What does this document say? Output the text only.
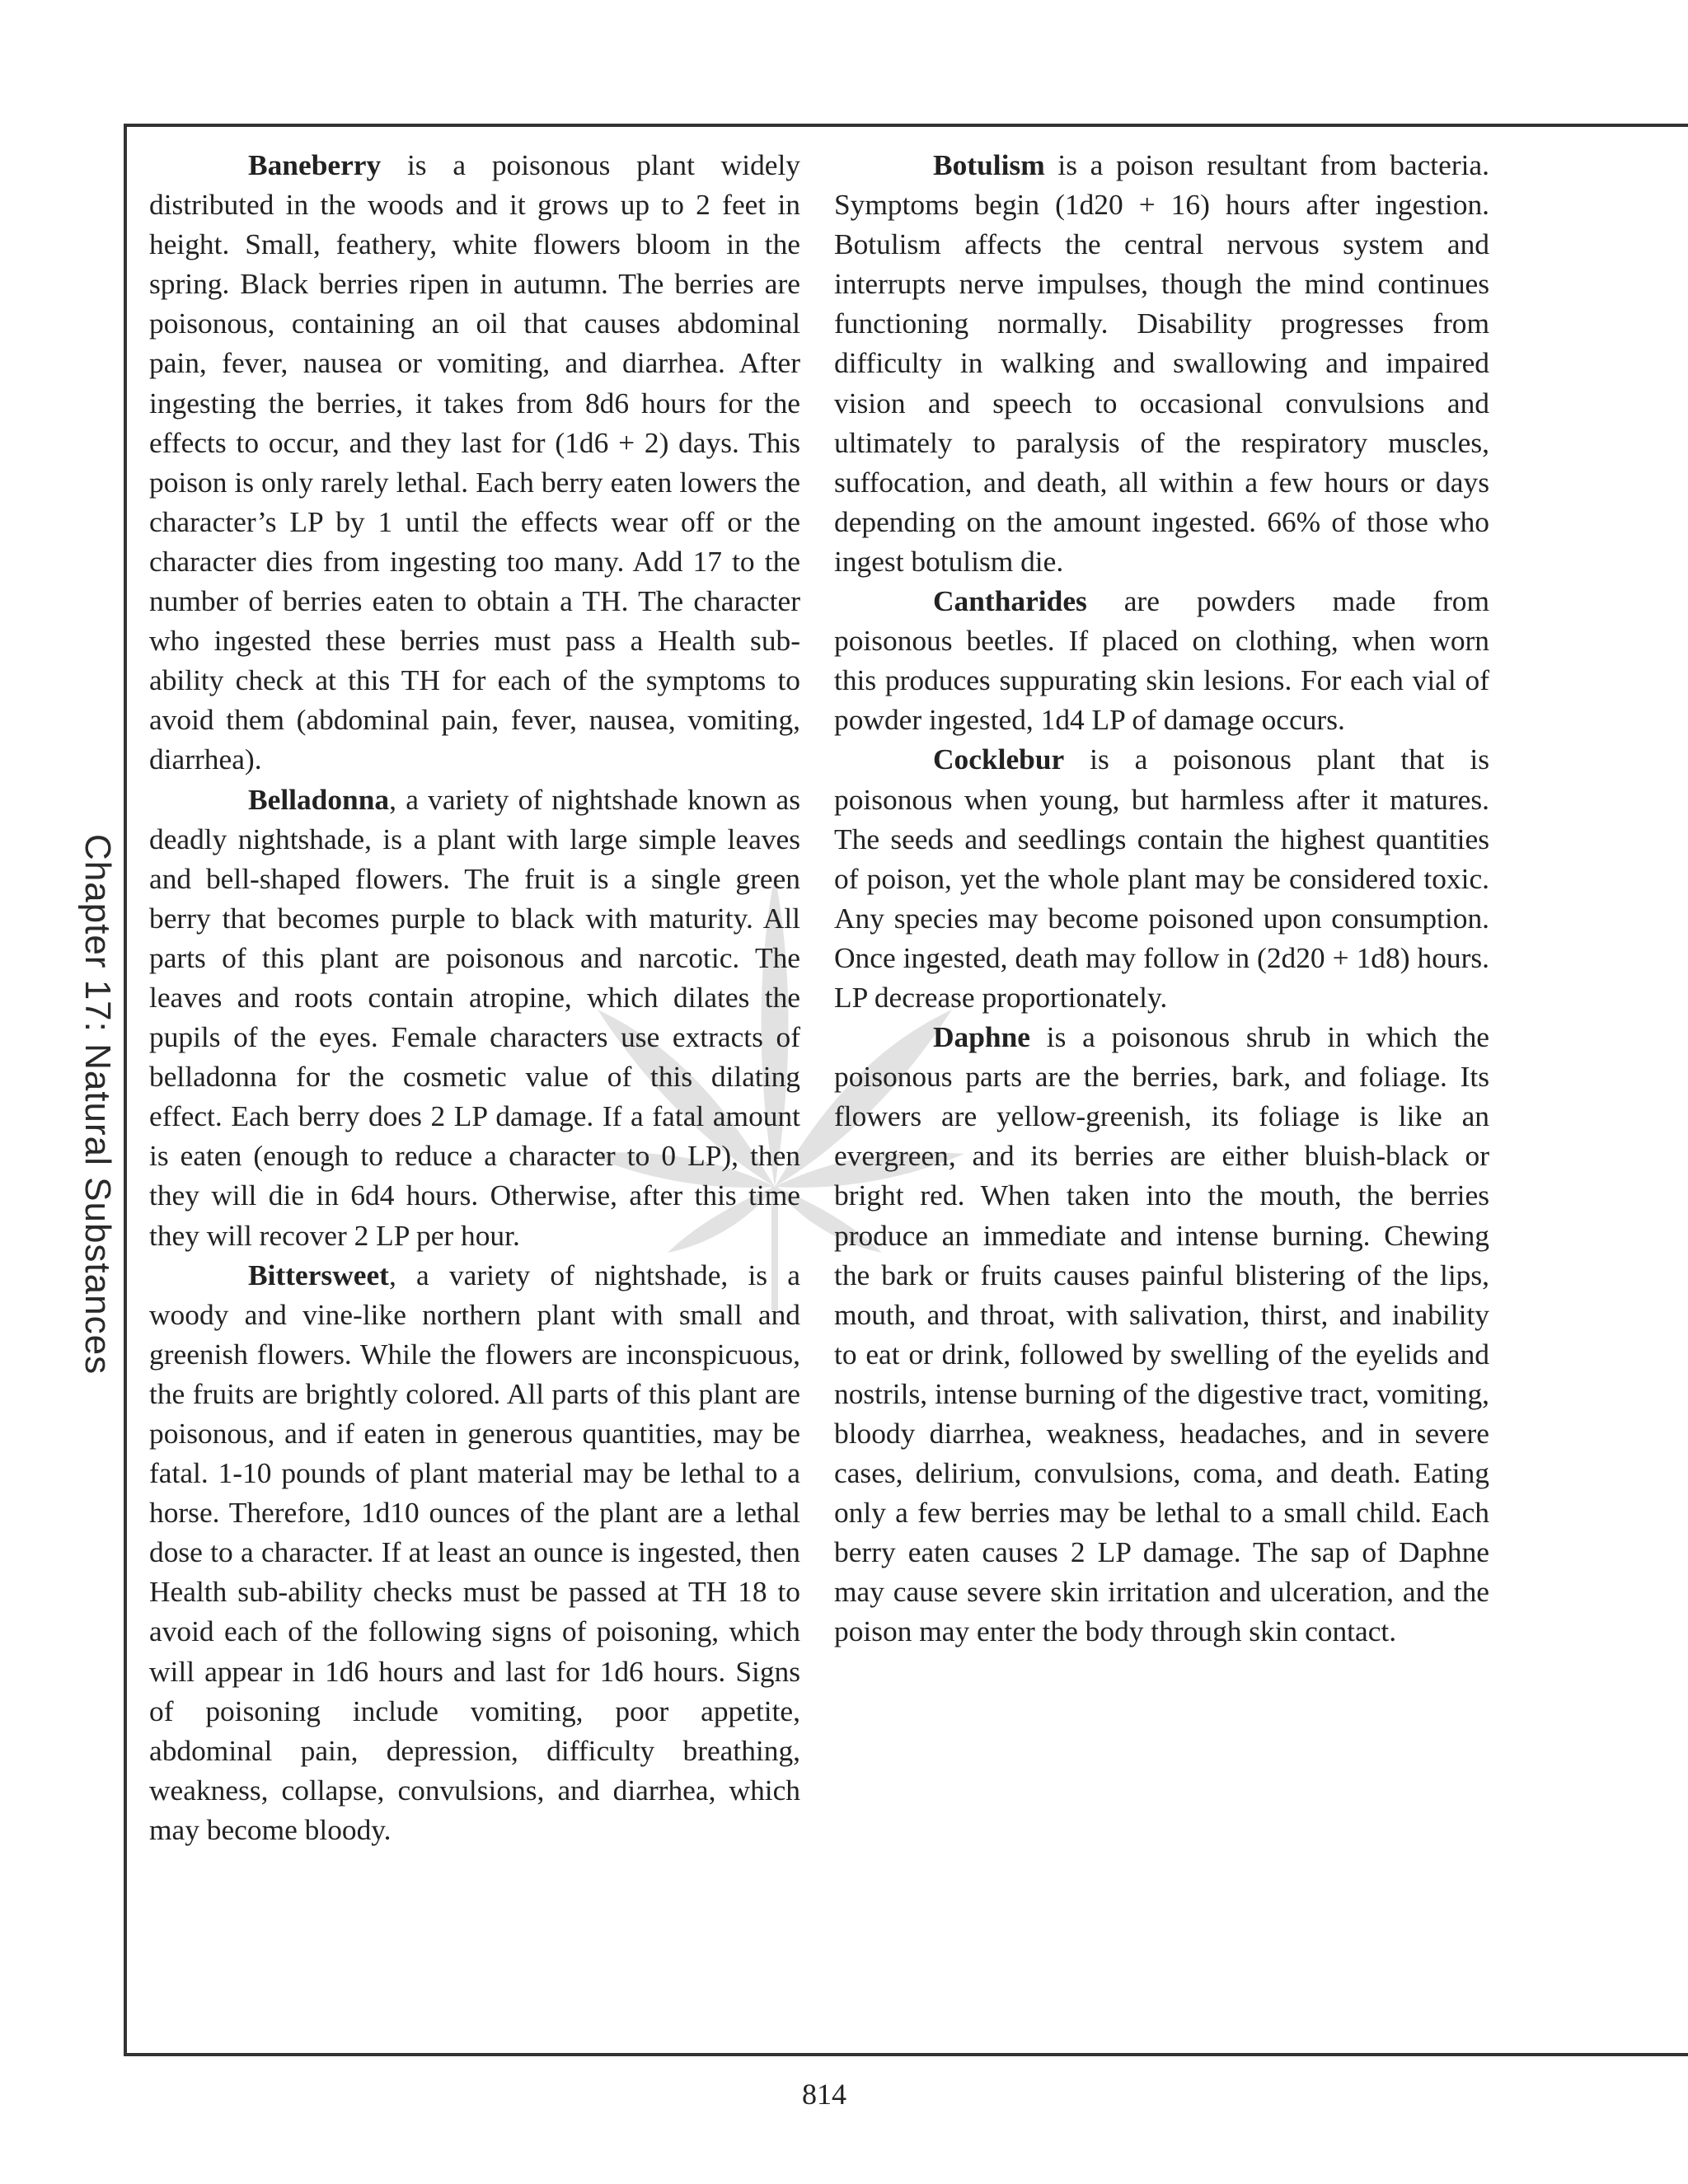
Chapter 17: Natural Substances

Baneberry is a poisonous plant widely distributed in the woods and it grows up to 2 feet in height. Small, feathery, white flowers bloom in the spring. Black berries ripen in autumn. The berries are poisonous, containing an oil that causes abdominal pain, fever, nausea or vomiting, and diarrhea. After ingesting the berries, it takes from 8d6 hours for the effects to occur, and they last for (1d6 + 2) days. This poison is only rarely lethal. Each berry eaten lowers the character’s LP by 1 until the effects wear off or the character dies from ingesting too many. Add 17 to the number of berries eaten to obtain a TH. The character who ingested these berries must pass a Health sub-ability check at this TH for each of the symptoms to avoid them (abdominal pain, fever, nausea, vomiting, diarrhea).

Belladonna, a variety of nightshade known as deadly nightshade, is a plant with large simple leaves and bell-shaped flowers. The fruit is a single green berry that becomes purple to black with maturity. All parts of this plant are poisonous and narcotic. The leaves and roots contain atropine, which dilates the pupils of the eyes. Female characters use extracts of belladonna for the cosmetic value of this dilating effect. Each berry does 2 LP damage. If a fatal amount is eaten (enough to reduce a character to 0 LP), then they will die in 6d4 hours. Otherwise, after this time they will recover 2 LP per hour.

Bittersweet, a variety of nightshade, is a woody and vine-like northern plant with small and greenish flowers. While the flowers are inconspicuous, the fruits are brightly colored. All parts of this plant are poisonous, and if eaten in generous quantities, may be fatal. 1-10 pounds of plant material may be lethal to a horse. Therefore, 1d10 ounces of the plant are a lethal dose to a character. If at least an ounce is ingested, then Health sub-ability checks must be passed at TH 18 to avoid each of the following signs of poisoning, which will appear in 1d6 hours and last for 1d6 hours. Signs of poisoning include vomiting, poor appetite, abdominal pain, depression, difficulty breathing, weakness, collapse, convulsions, and diarrhea, which may become bloody.

Botulism is a poison resultant from bacteria. Symptoms begin (1d20 + 16) hours after ingestion. Botulism affects the central nervous system and interrupts nerve impulses, though the mind continues functioning normally. Disability progresses from difficulty in walking and swallowing and impaired vision and speech to occasional convulsions and ultimately to paralysis of the respiratory muscles, suffocation, and death, all within a few hours or days depending on the amount ingested. 66% of those who ingest botulism die.

Cantharides are powders made from poisonous beetles. If placed on clothing, when worn this produces suppurating skin lesions. For each vial of powder ingested, 1d4 LP of damage occurs.

Cocklebur is a poisonous plant that is poisonous when young, but harmless after it matures. The seeds and seedlings contain the highest quantities of poison, yet the whole plant may be considered toxic. Any species may become poisoned upon consumption. Once ingested, death may follow in (2d20 + 1d8) hours. LP decrease proportionately.

Daphne is a poisonous shrub in which the poisonous parts are the berries, bark, and foliage. Its flowers are yellow-greenish, its foliage is like an evergreen, and its berries are either bluish-black or bright red. When taken into the mouth, the berries produce an immediate and intense burning. Chewing the bark or fruits causes painful blistering of the lips, mouth, and throat, with salivation, thirst, and inability to eat or drink, followed by swelling of the eyelids and nostrils, intense burning of the digestive tract, vomiting, bloody diarrhea, weakness, headaches, and in severe cases, delirium, convulsions, coma, and death. Eating only a few berries may be lethal to a small child. Each berry eaten causes 2 LP damage. The sap of Daphne may cause severe skin irritation and ulceration, and the poison may enter the body through skin contact.

814
